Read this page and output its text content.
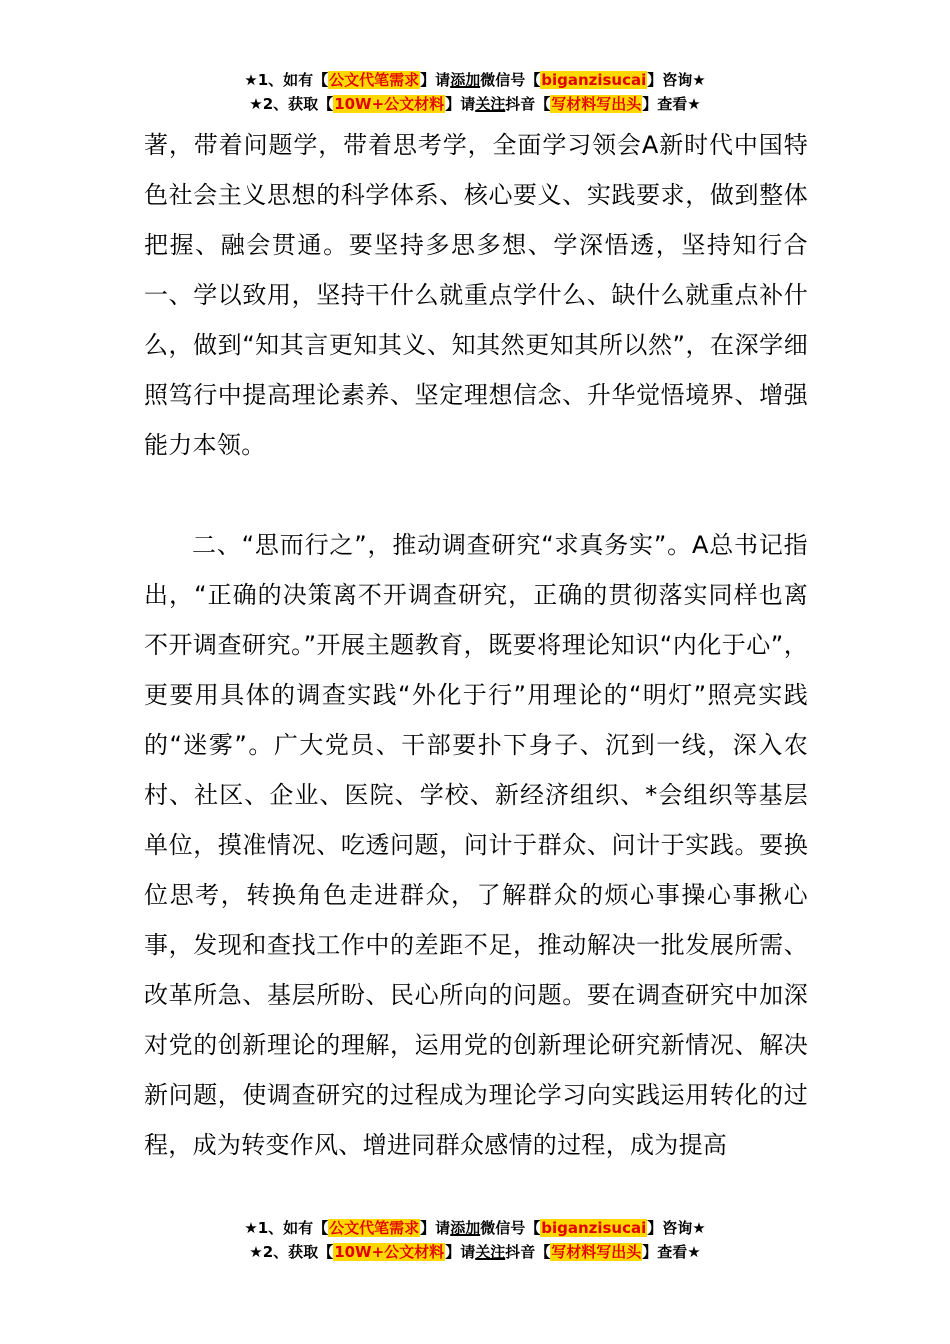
★1、如有【公文代笔需求】请添加微信号【biganzisucai】咨询★
★2、获取【10W+公文材料】请关注抖音【写材料写出头】查看★

著，带着问题学，带着思考学，全面学习领会A新时代中国特色社会主义思想的科学体系、核心要义、实践要求，做到整体把握、融会贯通。要坚持多思多想、学深悟透，坚持知行合一、学以致用，坚持干什么就重点学什么、缺什么就重点补什么，做到“知其言更知其义、知其然更知其所以然”，在深学细照笃行中提高理论素养、坚定理想信念、升华觉悟境界、增强能力本领。

二、“思而行之”，推动调查研究“求真务实”。A总书记指出，“正确的决策离不开调查研究，正确的贯彻落实同样也离不开调查研究。”开展主题教育，既要将理论知识“内化于心”，更要用具体的调查实践“外化于行”用理论的“明灯”照亮实践的“迷雾”。广大党员、干部要扑下身子、沉到一线，深入农村、社区、企业、医院、学校、新经济组织、*会组织等基层单位，摸准情况、吃透问题，问计于群众、问计于实践。要换位思考，转换角色走进群众，了解群众的烦心事操心事揪心事，发现和查找工作中的差距不足，推动解决一批发展所需、改革所急、基层所盼、民心所向的问题。要在调查研究中加深对党的创新理论的理解，运用党的创新理论研究新情况、解决新问题，使调查研究的过程成为理论学习向实践运用转化的过程，成为转变作风、增进同群众感情的过程，成为提高

★1、如有【公文代笔需求】请添加微信号【biganzisucai】咨询★
★2、获取【10W+公文材料】请关注抖音【写材料写出头】查看★
